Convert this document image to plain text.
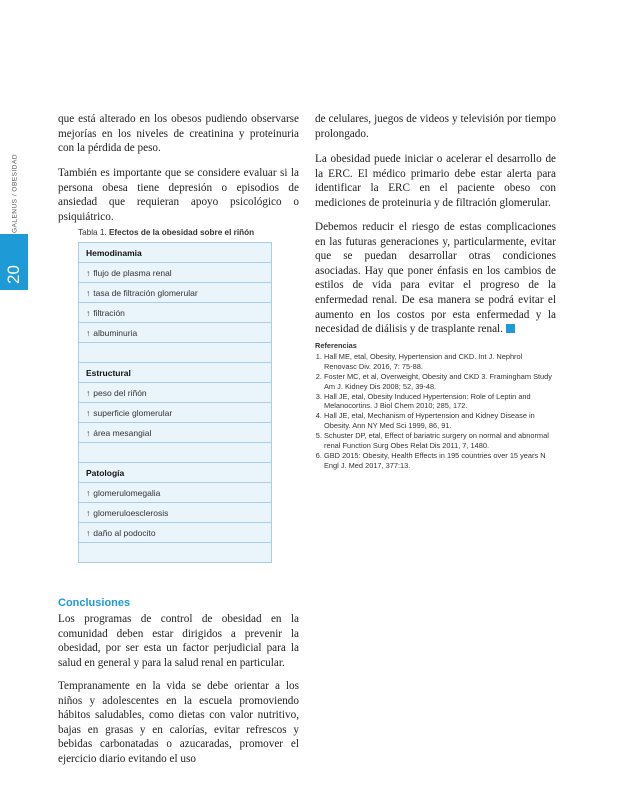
20
GALENUS / OBESIDAD

que está alterado en los obesos pudiendo observarse mejorías en los niveles de creatinina y proteinuria con la pérdida de peso.

También es importante que se considere evaluar si la persona obesa tiene depresión o episodios de ansiedad que requieran apoyo psicológico o psiquiátrico.

Tabla 1. Efectos de la obesidad sobre el riñón
Hemodinamia
↑ flujo de plasma renal
↑ tasa de filtración glomerular
↑ filtración
↑ albuminuria

Estructural
↑ peso del riñón
↑ superficie glomerular
↑ área mesangial

Patología
↑ glomerulomegalia
↑ glomeruloesclerosis
↑ daño al podocito

Conclusiones

Los programas de control de obesidad en la comunidad deben estar dirigidos a prevenir la obesidad, por ser esta un factor perjudicial para la salud en general y para la salud renal en particular.

Tempranamente en la vida se debe orientar a los niños y adolescentes en la escuela promoviendo hábitos saludables, como dietas con valor nutritivo, bajas en grasas y en calorías, evitar refrescos y bebidas carbonatadas o azucaradas, promover el ejercicio diario evitando el uso

de celulares, juegos de videos y televisión por tiempo prolongado.

La obesidad puede iniciar o acelerar el desarrollo de la ERC. El médico primario debe estar alerta para identificar la ERC en el paciente obeso con mediciones de proteinuria y de filtración glomerular.

Debemos reducir el riesgo de estas complicaciones en las futuras generaciones y, particularmente, evitar que se puedan desarrollar otras condiciones asociadas. Hay que poner énfasis en los cambios de estilos de vida para evitar el progreso de la enfermedad renal. De esa manera se podrá evitar el aumento en los costos por esta enfermedad y la necesidad de diálisis y de trasplante renal.

Referencias
1. Hall ME, etal, Obesity, Hypertension and CKD. Int J. Nephrol Renovasc Div. 2016, 7: 75-88.
2. Foster MC, et al, Overweight, Obesity and CKD 3. Framingham Study Am J. Kidney Dis 2008; 52, 39-48.
3. Hall JE, etal, Obesity Induced Hypertension: Role of Leptin and Melanocortins. J Biol Chem 2010; 285, 172.
4. Hall JE, etal, Mechanism of Hypertension and Kidney Disease in Obesity. Ann NY Med Sci 1999, 86, 91.
5. Schuster DP, etal, Effect of bariatric surgery on normal and abnormal renal Function Surg Obes Relat Dis 2011, 7, 1480.
6. GBD 2015: Obesity, Health Effects in 195 countries over 15 years N Engl J. Med 2017, 377:13.
